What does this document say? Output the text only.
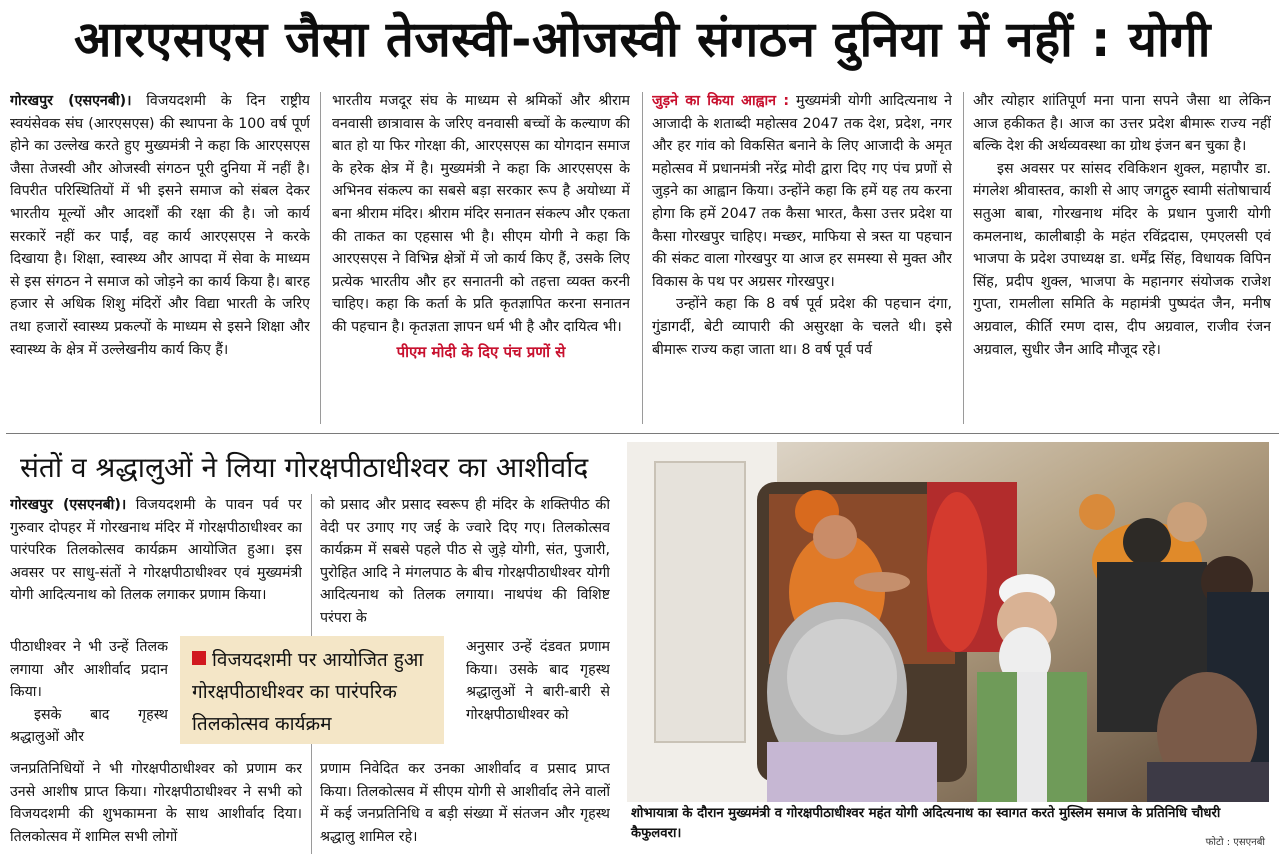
आरएसएस जैसा तेजस्वी-ओजस्वी संगठन दुनिया में नहीं : योगी

गोरखपुर (एसएनबी)। विजयदशमी के दिन राष्ट्रीय स्वयंसेवक संघ (आरएसएस) की स्थापना के 100 वर्ष पूर्ण होने का उल्लेख करते हुए मुख्यमंत्री ने कहा कि आरएसएस जैसा तेजस्वी और ओजस्वी संगठन पूरी दुनिया में नहीं है। विपरीत परिस्थितियों में भी इसने समाज को संबल देकर भारतीय मूल्यों और आदर्शों की रक्षा की है। जो कार्य सरकारें नहीं कर पाईं, वह कार्य आरएसएस ने करके दिखाया है। शिक्षा, स्वास्थ्य और आपदा में सेवा के माध्यम से इस संगठन ने समाज को जोड़ने का कार्य किया है। बारह हजार से अधिक शिशु मंदिरों और विद्या भारती के जरिए तथा हजारों स्वास्थ्य प्रकल्पों के माध्यम से इसने शिक्षा और स्वास्थ्य के क्षेत्र में उल्लेखनीय कार्य किए हैं।

भारतीय मजदूर संघ के माध्यम से श्रमिकों और श्रीराम वनवासी छात्रावास के जरिए वनवासी बच्चों के कल्याण की बात हो या फिर गोरक्षा की, आरएसएस का योगदान समाज के हरेक क्षेत्र में है। मुख्यमंत्री ने कहा कि आरएसएस के अभिनव संकल्प का सबसे बड़ा सरकार रूप है अयोध्या में बना श्रीराम मंदिर। श्रीराम मंदिर सनातन संकल्प और एकता की ताकत का एहसास भी है। सीएम योगी ने कहा कि आरएसएस ने विभिन्न क्षेत्रों में जो कार्य किए हैं, उसके लिए प्रत्येक भारतीय और हर सनातनी को तहत्ता व्यक्त करनी चाहिए। कहा कि कर्ता के प्रति कृतज्ञापित करना सनातन की पहचान है। कृतज्ञता ज्ञापन धर्म भी है और दायित्व भी।

पीएम मोदी के दिए पंच प्रणों से

जुड़ने का किया आह्वान : मुख्यमंत्री योगी आदित्यनाथ ने आजादी के शताब्दी महोत्सव 2047 तक देश, प्रदेश, नगर और हर गांव को विकसित बनाने के लिए आजादी के अमृत महोत्सव में प्रधानमंत्री नरेंद्र मोदी द्वारा दिए गए पंच प्रणों से जुड़ने का आह्वान किया। उन्होंने कहा कि हमें यह तय करना होगा कि हमें 2047 तक कैसा भारत, कैसा उत्तर प्रदेश या कैसा गोरखपुर चाहिए। मच्छर, माफिया से त्रस्त या पहचान की संकट वाला गोरखपुर या आज हर समस्या से मुक्त और विकास के पथ पर अग्रसर गोरखपुर।

उन्होंने कहा कि 8 वर्ष पूर्व प्रदेश की पहचान दंगा, गुंडागर्दी, बेटी व्यापारी की असुरक्षा के चलते थी। इसे बीमारू राज्य कहा जाता था। 8 वर्ष पूर्व पर्व

और त्योहार शांतिपूर्ण मना पाना सपने जैसा था लेकिन आज हकीकत है। आज का उत्तर प्रदेश बीमारू राज्य नहीं बल्कि देश की अर्थव्यवस्था का ग्रोथ इंजन बन चुका है।

इस अवसर पर सांसद रविकिशन शुक्ल, महापौर डा. मंगलेश श्रीवास्तव, काशी से आए जगद्गुरु स्वामी संतोषाचार्य सतुआ बाबा, गोरखनाथ मंदिर के प्रधान पुजारी योगी कमलनाथ, कालीबाड़ी के महंत रविंद्रदास, एमएलसी एवं भाजपा के प्रदेश उपाध्यक्ष डा. धर्मेंद्र सिंह, विधायक विपिन सिंह, प्रदीप शुक्ल, भाजपा के महानगर संयोजक राजेश गुप्ता, रामलीला समिति के महामंत्री पुष्पदंत जैन, मनीष अग्रवाल, कीर्ति रमण दास, दीप अग्रवाल, राजीव रंजन अग्रवाल, सुधीर जैन आदि मौजूद रहे।

संतों व श्रद्धालुओं ने लिया गोरक्षपीठाधीश्वर का आशीर्वाद

गोरखपुर (एसएनबी)। विजयदशमी के पावन पर्व पर गुरुवार दोपहर में गोरखनाथ मंदिर में गोरक्षपीठाधीश्वर का पारंपरिक तिलकोत्सव कार्यक्रम आयोजित हुआ। इस अवसर पर साधु-संतों ने गोरक्षपीठाधीश्वर एवं मुख्यमंत्री योगी आदित्यनाथ को तिलक लगाकर प्रणाम किया।

पीठाधीश्वर ने भी उन्हें तिलक लगाया और आशीर्वाद प्रदान किया।

इसके बाद गृहस्थ श्रद्धालुओं और

जनप्रतिनिधियों ने भी गोरक्षपीठाधीश्वर को प्रणाम कर उनसे आशीष प्राप्त किया। गोरक्षपीठाधीश्वर ने सभी को विजयदशमी की शुभकामना के साथ आशीर्वाद दिया। तिलकोत्सव में शामिल सभी लोगों

को प्रसाद और प्रसाद स्वरूप ही मंदिर के शक्तिपीठ की वेदी पर उगाए गए जई के ज्वारे दिए गए। तिलकोत्सव कार्यक्रम में सबसे पहले पीठ से जुड़े योगी, संत, पुजारी, पुरोहित आदि ने मंगलपाठ के बीच गोरक्षपीठाधीश्वर योगी आदित्यनाथ को तिलक लगाया। नाथपंथ की विशिष्ट परंपरा के

अनुसार उन्हें दंडवत प्रणाम किया। उसके बाद गृहस्थ श्रद्धालुओं ने बारी-बारी से गोरक्षपीठाधीश्वर को

प्रणाम निवेदित कर उनका आशीर्वाद व प्रसाद प्राप्त किया। तिलकोत्सव में सीएम योगी से आशीर्वाद लेने वालों में कई जनप्रतिनिधि व बड़ी संख्या में संतजन और गृहस्थ श्रद्धालु शामिल रहे।

विजयदशमी पर आयोजित हुआ गोरक्षपीठाधीश्वर का पारंपरिक तिलकोत्सव कार्यक्रम
शोभायात्रा के दौरान मुख्यमंत्री व गोरक्षपीठाधीश्वर महंत योगी अदित्यनाथ का स्वागत करते मुस्लिम समाज के प्रतिनिधि चौधरी कैफुलवरा।
फोटो : एसएनबी
